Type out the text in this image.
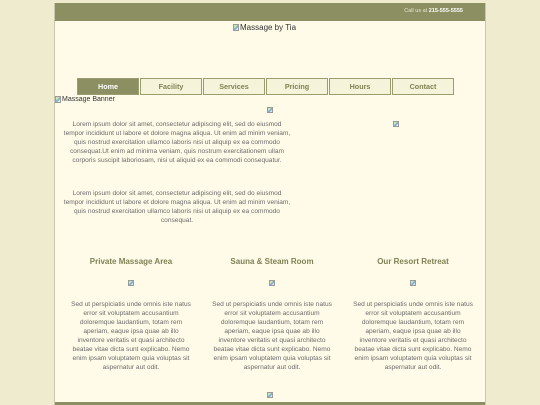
Call us at 215-555-5555
Massage by Tia
Home	Facility	Services	Pricing	Hours	Contact
Massage Banner

Lorem ipsum dolor sit amet, consectetur adipiscing elit, sed do eiusmod tempor incididunt ut labore et dolore magna aliqua. Ut enim ad minim veniam, quis nostrud exercitation ullamco laboris nisi ut aliquip ex ea commodo consequat.Ut enim ad minima veniam, quis nostrum exercitationem ullam corporis suscipit laboriosam, nisi ut aliquid ex ea commodi consequatur.

Lorem ipsum dolor sit amet, consectetur adipiscing elit, sed do eiusmod tempor incididunt ut labore et dolore magna aliqua. Ut enim ad minim veniam, quis nostrud exercitation ullamco laboris nisi ut aliquip ex ea commodo consequat.

Private Massage Area

Sed ut perspiciatis unde omnis iste natus error sit voluptatem accusantium doloremque laudantium, totam rem aperiam, eaque ipsa quae ab illo inventore veritatis et quasi architecto beatae vitae dicta sunt explicabo. Nemo enim ipsam voluptatem quia voluptas sit aspernatur aut odit.

Sauna & Steam Room

Sed ut perspiciatis unde omnis iste natus error sit voluptatem accusantium doloremque laudantium, totam rem aperiam, eaque ipsa quae ab illo inventore veritatis et quasi architecto beatae vitae dicta sunt explicabo. Nemo enim ipsam voluptatem quia voluptas sit aspernatur aut odit.

Our Resort Retreat

Sed ut perspiciatis unde omnis iste natus error sit voluptatem accusantium doloremque laudantium, totam rem aperiam, eaque ipsa quae ab illo inventore veritatis et quasi architecto beatae vitae dicta sunt explicabo. Nemo enim ipsam voluptatem quia voluptas sit aspernatur aut odit.
